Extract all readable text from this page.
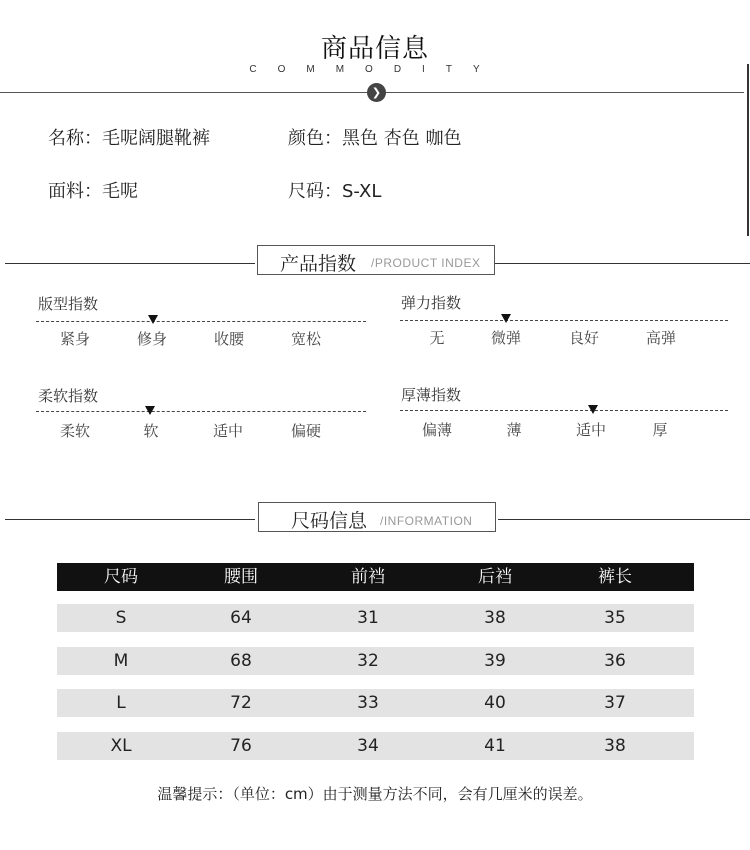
商品信息
COMMODITY
❯
名称：毛呢阔腿靴裤	颜色：黑色 杏色 咖色
面料：毛呢	尺码：S-XL
产品指数 /PRODUCT INDEX
版型指数
紧身	修身	收腰	宽松
弹力指数
无	微弹	良好	高弹
柔软指数
柔软	软	适中	偏硬
厚薄指数
偏薄	薄	适中	厚
尺码信息 /INFORMATION
尺码	腰围	前裆	后裆	裤长
S	64	31	38	35
M	68	32	39	36
L	72	33	40	37
XL	76	34	41	38
温馨提示：（单位：cm）由于测量方法不同，会有几厘米的误差。
